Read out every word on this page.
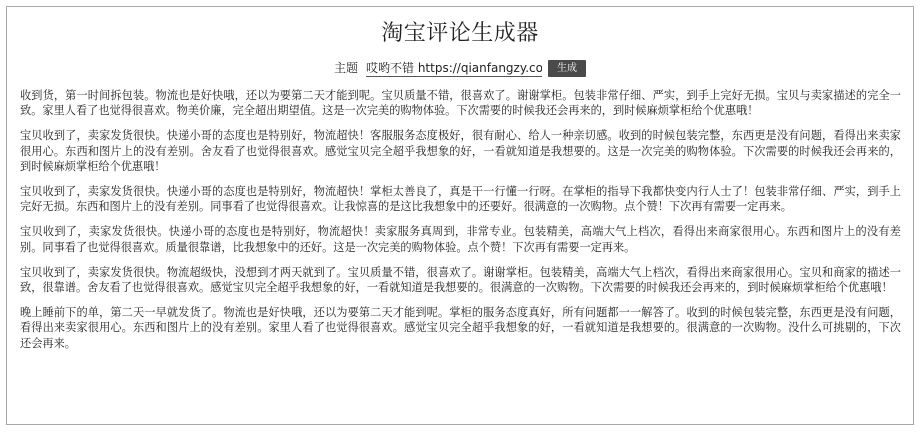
淘宝评论生成器
主题哎哟不错 https://qianfangzy.com/	生成

收到货，第一时间拆包装。物流也是好快哦，还以为要第二天才能到呢。宝贝质量不错，很喜欢了。谢谢掌柜。包装非常仔细、严实，到手上完好无损。宝贝与卖家描述的完全一致。家里人看了也觉得很喜欢。物美价廉，完全超出期望值。这是一次完美的购物体验。下次需要的时候我还会再来的，到时候麻烦掌柜给个优惠哦！

宝贝收到了，卖家发货很快。快递小哥的态度也是特别好，物流超快！客服服务态度极好，很有耐心、给人一种亲切感。收到的时候包装完整，东西更是没有问题，看得出来卖家很用心。东西和图片上的没有差别。舍友看了也觉得很喜欢。感觉宝贝完全超乎我想象的好，一看就知道是我想要的。这是一次完美的购物体验。下次需要的时候我还会再来的，到时候麻烦掌柜给个优惠哦！

宝贝收到了，卖家发货很快。快递小哥的态度也是特别好，物流超快！掌柜太善良了，真是干一行懂一行呀。在掌柜的指导下我都快变内行人士了！包装非常仔细、严实，到手上完好无损。东西和图片上的没有差别。同事看了也觉得很喜欢。让我惊喜的是这比我想象中的还要好。很满意的一次购物。点个赞！下次再有需要一定再来。

宝贝收到了，卖家发货很快。快递小哥的态度也是特别好，物流超快！卖家服务真周到，非常专业。包装精美，高端大气上档次，看得出来商家很用心。东西和图片上的没有差别。同事看了也觉得很喜欢。质量很靠谱，比我想象中的还好。这是一次完美的购物体验。点个赞！下次再有需要一定再来。

宝贝收到了，卖家发货很快。物流超级快，没想到才两天就到了。宝贝质量不错，很喜欢了。谢谢掌柜。包装精美，高端大气上档次，看得出来商家很用心。宝贝和商家的描述一致，很靠谱。舍友看了也觉得很喜欢。感觉宝贝完全超乎我想象的好，一看就知道是我想要的。很满意的一次购物。下次需要的时候我还会再来的，到时候麻烦掌柜给个优惠哦！

晚上睡前下的单，第二天一早就发货了。物流也是好快哦，还以为要第二天才能到呢。掌柜的服务态度真好，所有问题都一一解答了。收到的时候包装完整，东西更是没有问题，看得出来卖家很用心。东西和图片上的没有差别。家里人看了也觉得很喜欢。感觉宝贝完全超乎我想象的好，一看就知道是我想要的。很满意的一次购物。没什么可挑剔的，下次还会再来。
